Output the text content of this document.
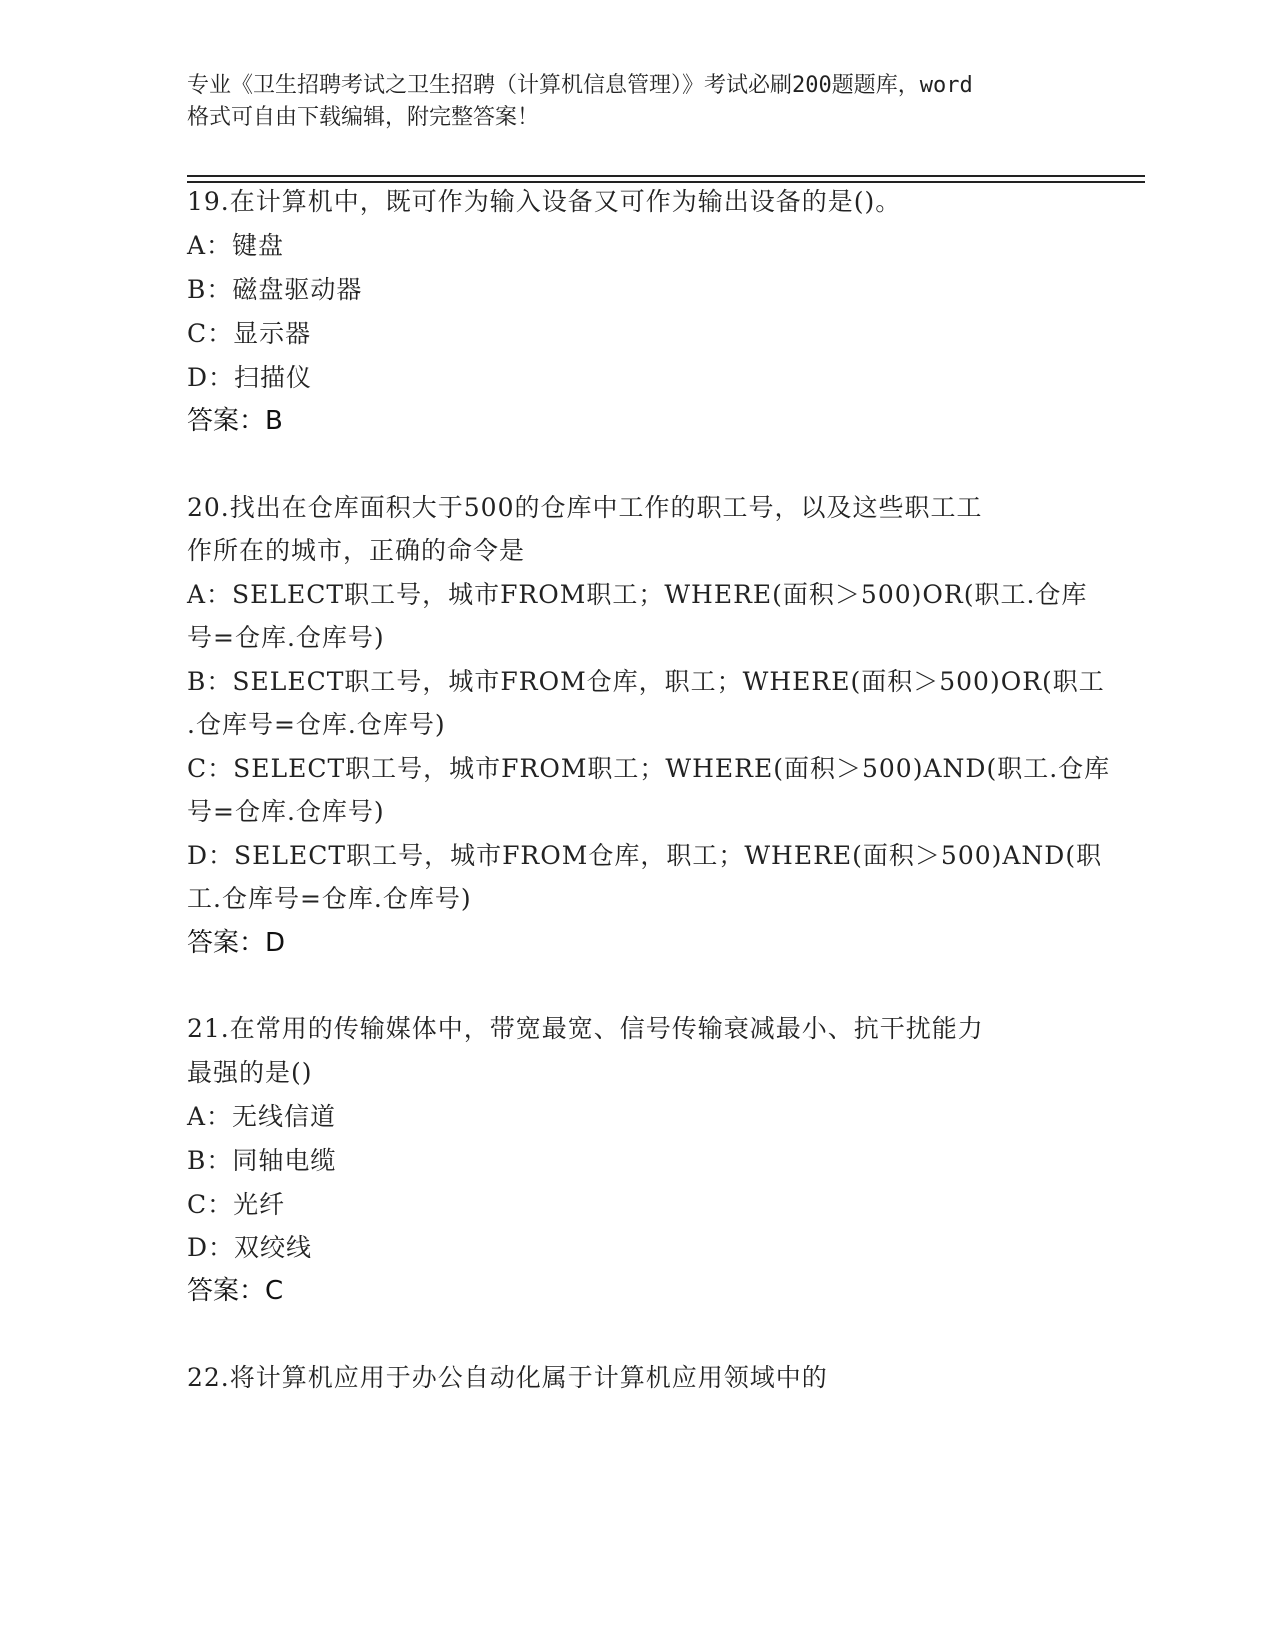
专业《卫生招聘考试之卫生招聘（计算机信息管理）》考试必刷200题题库，word
格式可自由下载编辑，附完整答案！
19.在计算机中，既可作为输入设备又可作为输出设备的是()。
A：键盘
B：磁盘驱动器
C：显示器
D：扫描仪
答案：B
20.找出在仓库面积大于500的仓库中工作的职工号，以及这些职工工
作所在的城市，正确的命令是
A：SELECT职工号，城市FROM职工；WHERE(面积＞500)OR(职工.仓库
号=仓库.仓库号)
B：SELECT职工号，城市FROM仓库，职工；WHERE(面积＞500)OR(职工
.仓库号=仓库.仓库号)
C：SELECT职工号，城市FROM职工；WHERE(面积＞500)AND(职工.仓库
号=仓库.仓库号)
D：SELECT职工号，城市FROM仓库，职工；WHERE(面积＞500)AND(职
工.仓库号=仓库.仓库号)
答案：D
21.在常用的传输媒体中，带宽最宽、信号传输衰减最小、抗干扰能力
最强的是()
A：无线信道
B：同轴电缆
C：光纤
D：双绞线
答案：C
22.将计算机应用于办公自动化属于计算机应用领域中的
